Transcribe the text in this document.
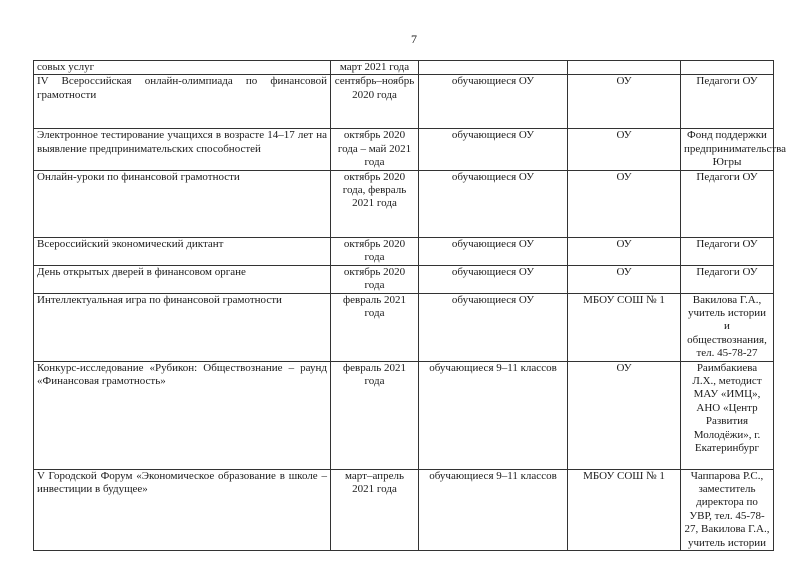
7
совых услуг	март 2021 года			
IV Всероссийская онлайн-олимпиада по финансовой грамотности	сентябрь–ноябрь 2020 года	обучающиеся ОУ	ОУ	Педагоги ОУ
Электронное тестирование учащихся в возрасте 14–17 лет на выявление предпринимательских способностей	октябрь 2020 года – май 2021 года	обучающиеся ОУ	ОУ	Фонд поддержки предпринимательства Югры
Онлайн-уроки по финансовой грамотности	октябрь 2020 года, февраль 2021 года	обучающиеся ОУ	ОУ	Педагоги ОУ
Всероссийский экономический диктант	октябрь 2020 года	обучающиеся ОУ	ОУ	Педагоги ОУ
День открытых дверей в финансовом органе	октябрь 2020 года	обучающиеся ОУ	ОУ	Педагоги ОУ
Интеллектуальная игра по финансовой грамотности	февраль 2021 года	обучающиеся ОУ	МБОУ СОШ № 1	Вакилова Г.А., учитель истории и обществознания, тел. 45-78-27
Конкурс-исследование «Рубикон: Обществознание – раунд «Финансовая грамотность»	февраль 2021 года	обучающиеся 9–11 классов	ОУ	Раимбакиева Л.Х., методист МАУ «ИМЦ», АНО «Центр Развития Молодёжи», г. Екатеринбург
V Городской Форум «Экономическое образование в школе – инвестиции в будущее»	март–апрель 2021 года	обучающиеся 9–11 классов	МБОУ СОШ № 1	Чаппарова Р.С., заместитель директора по УВР, тел. 45-78-27, Вакилова Г.А., учитель истории
